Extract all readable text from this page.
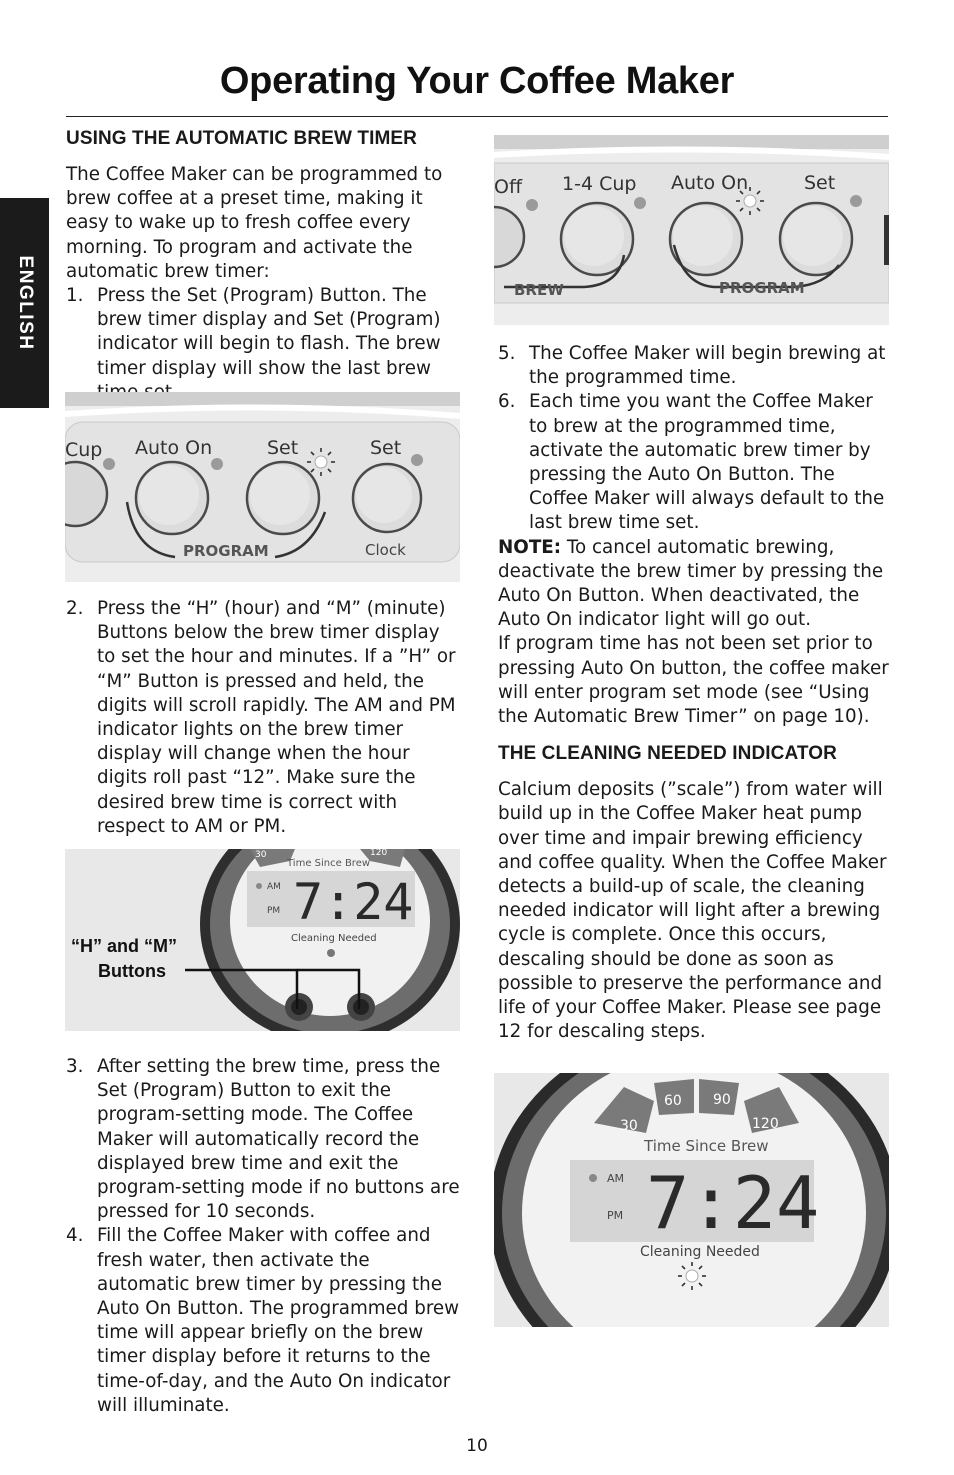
Operating Your Coffee Maker
ENGLISH
USING THE AUTOMATIC BREW TIMER

The Coffee Maker can be programmed to brew coffee at a preset time, making it easy to wake up to fresh coffee every morning. To program and activate the automatic brew timer:

1. Press the Set (Program) Button. The brew timer display and Set (Program) indicator will begin to flash. The brew timer display will show the last brew
Cup Auto On	Set	Set
PROGRAM	Clock
2. Press the “H” (hour) and “M” (minute) Buttons below the brew timer display to set the hour and minutes. If a ”H” or “M” Button is pressed and held, the digits will scroll rapidly. The AM and PM indicator lights on the brew timer display will change when the hour digits roll past “12”. Make sure the desired brew time is correct with respect to AM or PM.
30	120
Time Since Brew
AM
PM 7:24
Cleaning Needed
“H” and “M”
Buttons
3. After setting the brew time, press the Set (Program) Button to exit the program-setting mode. The Coffee Maker will automatically record the displayed brew time and exit the program-setting mode if no buttons are pressed for 10 seconds.
4. Fill the Coffee Maker with coffee and fresh water, then activate the automatic brew timer by pressing the Auto On Button. The programmed brew time will appear briefly on the brew timer display before it returns to the time-of-day, and the Auto On indicator will illuminate.
Off 1-4 Cup Auto On	Set
BREW	PROGRAM
5. The Coffee Maker will begin brewing at the programmed time.
6. Each time you want the Coffee Maker to brew at the programmed time, activate the automatic brew timer by pressing the Auto On Button. The Coffee Maker will always default to the last brew time set.

NOTE: To cancel automatic brewing, deactivate the brew timer by pressing the Auto On Button. When deactivated, the Auto On indicator light will go out.

If program time has not been set prior to pressing Auto On button, the coffee maker will enter program set mode (see “Using the Automatic Brew Timer” on page 10).

THE CLEANING NEEDED INDICATOR

Calcium deposits (”scale”) from water will build up in the Coffee Maker heat pump over time and impair brewing efficiency and coffee quality. When the Coffee Maker detects a build-up of scale, the cleaning needed indicator will light after a brewing cycle is complete. Once this occurs, descaling should be done as soon as possible to preserve the performance and life of your Coffee Maker. Please see page 12 for descaling steps.

30
60 90
120
Time Since Brew
AM
PM 7:24
Cleaning Needed
10
